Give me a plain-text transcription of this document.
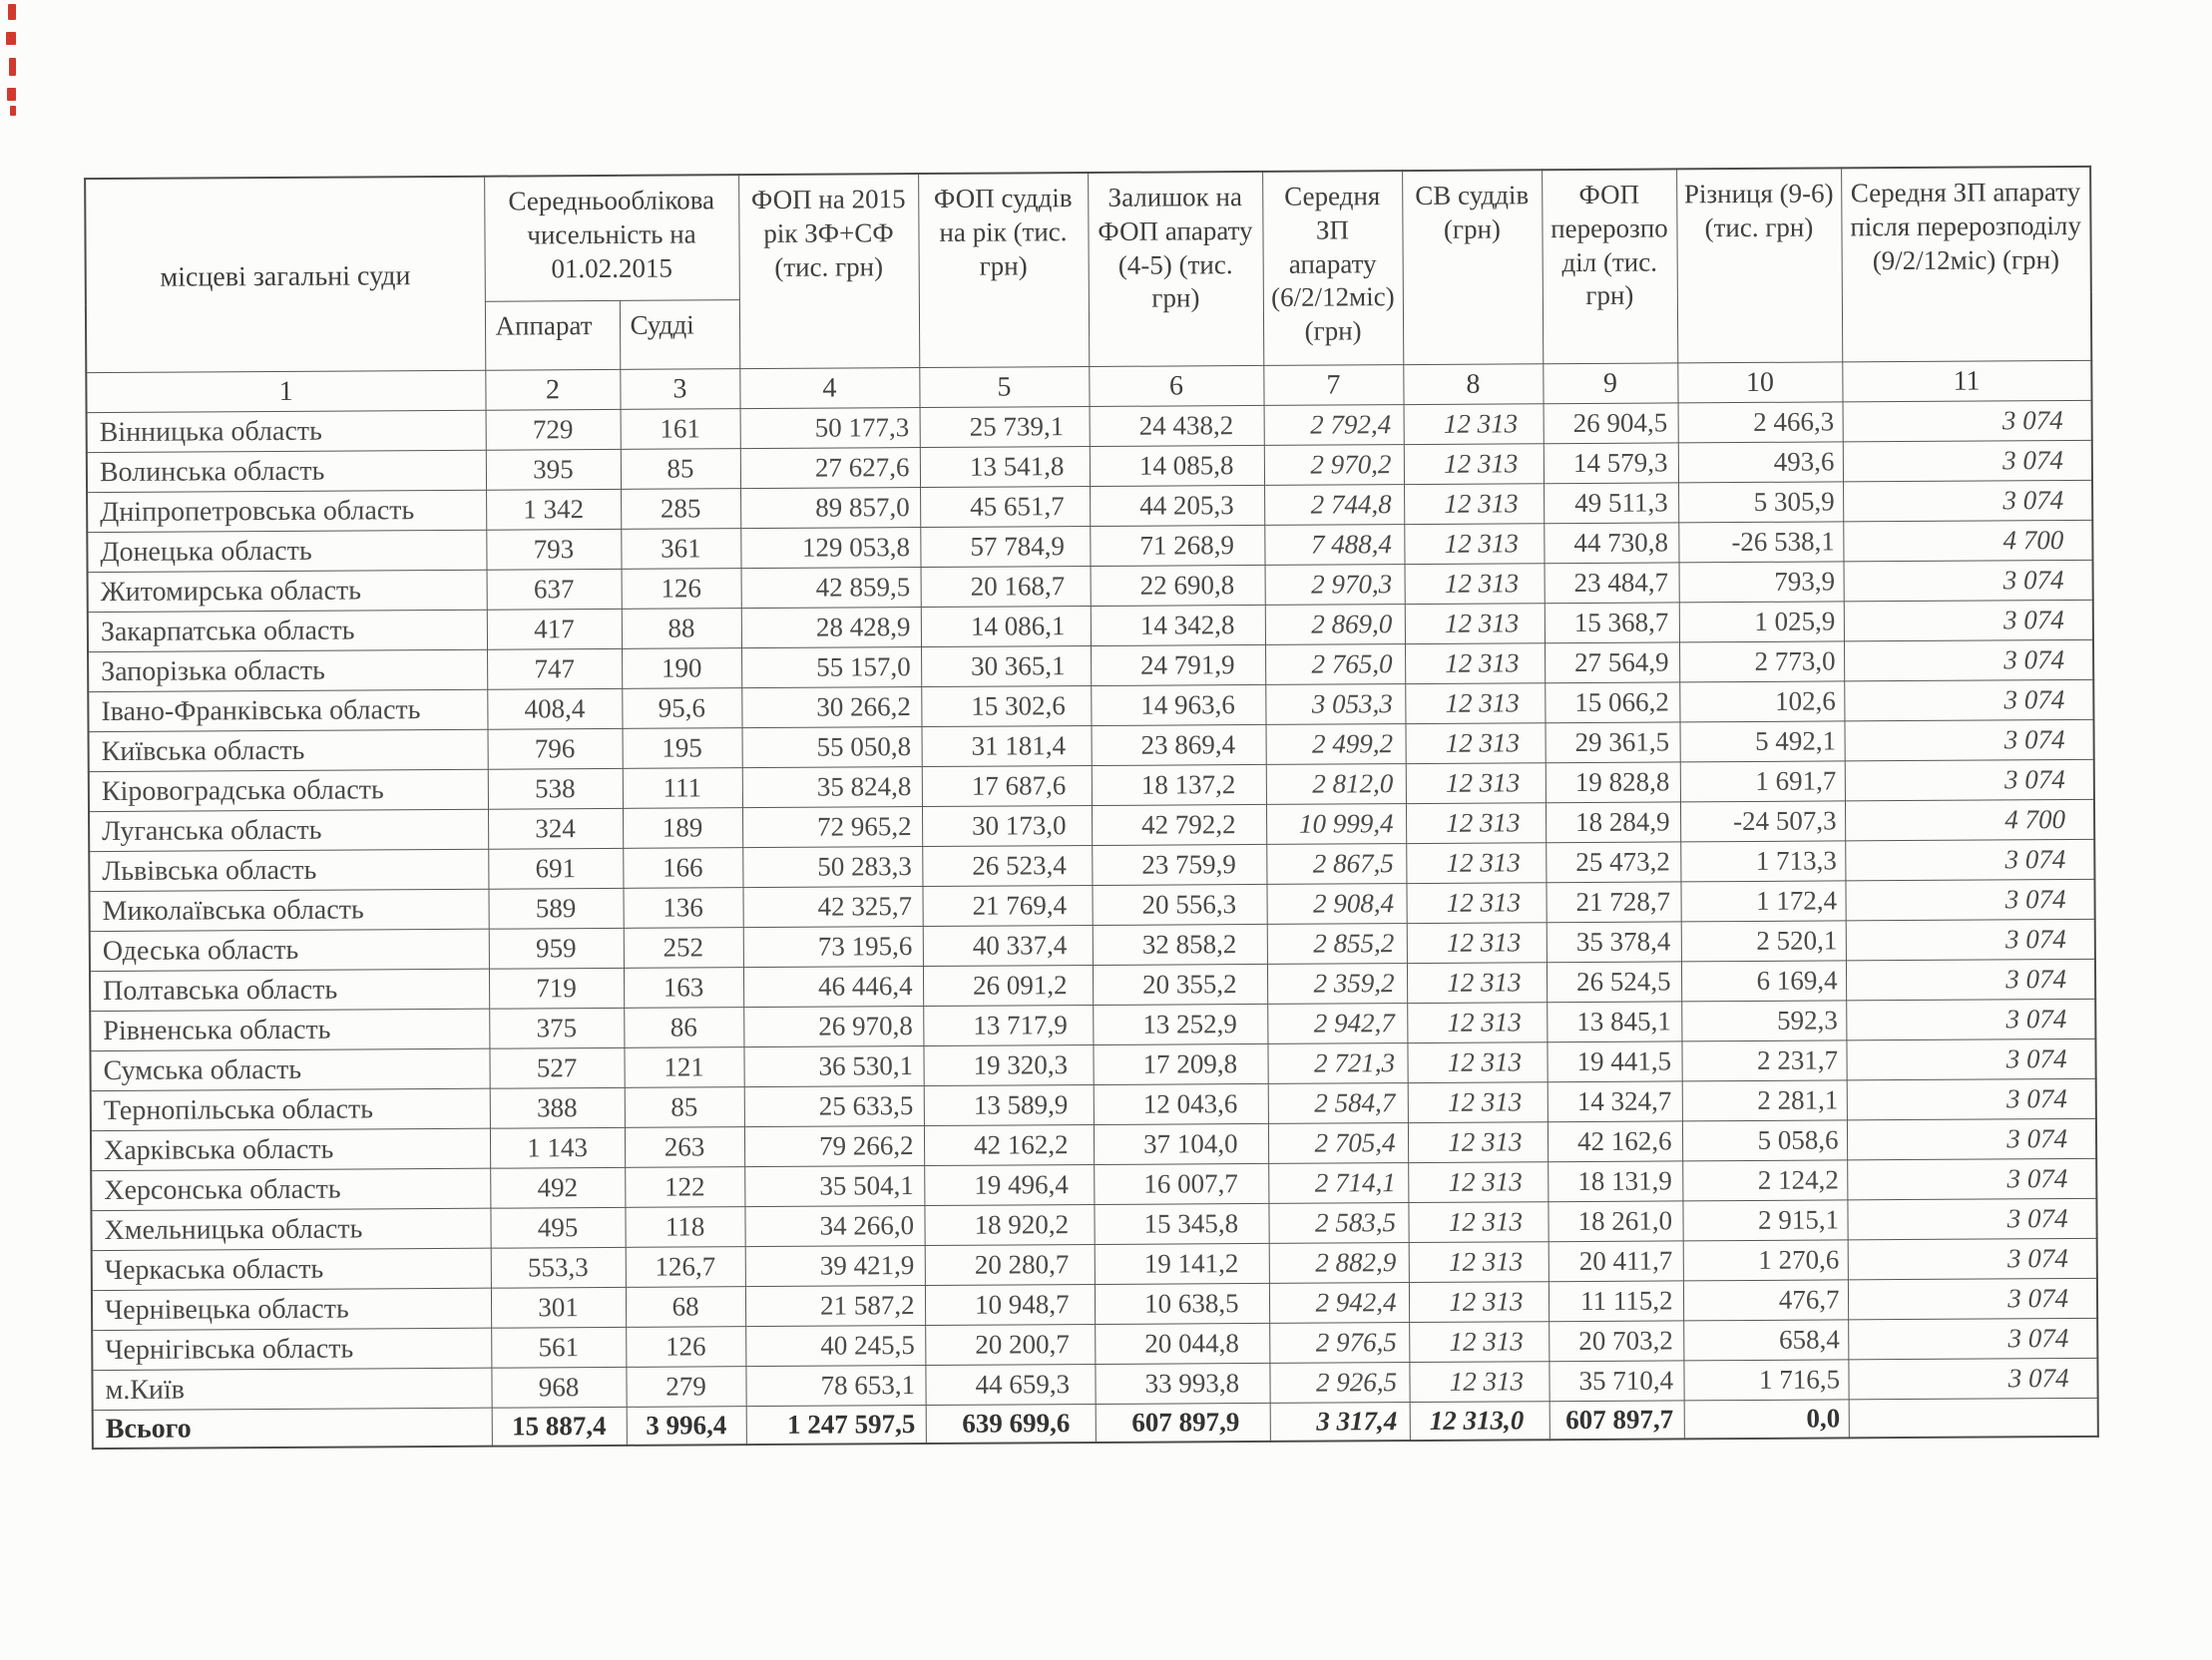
місцеві загальні суди	Середньооблікова чисельність на 01.02.2015		ФОП на 2015 рік ЗФ+СФ (тис. грн)	ФОП суддів на рік (тис. грн)	Залишок на ФОП апарату (4-5) (тис. грн)	Середня ЗП апарату (6/2/12міс) (грн)	СВ суддів (грн)	ФОП перерозподіл (тис. грн)	Різниця (9-6) (тис. грн)	Середня ЗП апарату після перерозподілу (9/2/12міс) (грн)
	Аппарат	Судді								
1	2	3	4	5	6	7	8	9	10	11
Вінницька область	729	161	50 177,3	25 739,1	24 438,2	2 792,4	12 313	26 904,5	2 466,3	3 074
Волинська область	395	85	27 627,6	13 541,8	14 085,8	2 970,2	12 313	14 579,3	493,6	3 074
Дніпропетровська область	1 342	285	89 857,0	45 651,7	44 205,3	2 744,8	12 313	49 511,3	5 305,9	3 074
Донецька область	793	361	129 053,8	57 784,9	71 268,9	7 488,4	12 313	44 730,8	-26 538,1	4 700
Житомирська область	637	126	42 859,5	20 168,7	22 690,8	2 970,3	12 313	23 484,7	793,9	3 074
Закарпатська область	417	88	28 428,9	14 086,1	14 342,8	2 869,0	12 313	15 368,7	1 025,9	3 074
Запорізька область	747	190	55 157,0	30 365,1	24 791,9	2 765,0	12 313	27 564,9	2 773,0	3 074
Івано-Франківська область	408,4	95,6	30 266,2	15 302,6	14 963,6	3 053,3	12 313	15 066,2	102,6	3 074
Київська область	796	195	55 050,8	31 181,4	23 869,4	2 499,2	12 313	29 361,5	5 492,1	3 074
Кіровоградська область	538	111	35 824,8	17 687,6	18 137,2	2 812,0	12 313	19 828,8	1 691,7	3 074
Луганська область	324	189	72 965,2	30 173,0	42 792,2	10 999,4	12 313	18 284,9	-24 507,3	4 700
Львівська область	691	166	50 283,3	26 523,4	23 759,9	2 867,5	12 313	25 473,2	1 713,3	3 074
Миколаївська область	589	136	42 325,7	21 769,4	20 556,3	2 908,4	12 313	21 728,7	1 172,4	3 074
Одеська область	959	252	73 195,6	40 337,4	32 858,2	2 855,2	12 313	35 378,4	2 520,1	3 074
Полтавська область	719	163	46 446,4	26 091,2	20 355,2	2 359,2	12 313	26 524,5	6 169,4	3 074
Рівненська область	375	86	26 970,8	13 717,9	13 252,9	2 942,7	12 313	13 845,1	592,3	3 074
Сумська область	527	121	36 530,1	19 320,3	17 209,8	2 721,3	12 313	19 441,5	2 231,7	3 074
Тернопільська область	388	85	25 633,5	13 589,9	12 043,6	2 584,7	12 313	14 324,7	2 281,1	3 074
Харківська область	1 143	263	79 266,2	42 162,2	37 104,0	2 705,4	12 313	42 162,6	5 058,6	3 074
Херсонська область	492	122	35 504,1	19 496,4	16 007,7	2 714,1	12 313	18 131,9	2 124,2	3 074
Хмельницька область	495	118	34 266,0	18 920,2	15 345,8	2 583,5	12 313	18 261,0	2 915,1	3 074
Черкаська область	553,3	126,7	39 421,9	20 280,7	19 141,2	2 882,9	12 313	20 411,7	1 270,6	3 074
Чернівецька область	301	68	21 587,2	10 948,7	10 638,5	2 942,4	12 313	11 115,2	476,7	3 074
Чернігівська область	561	126	40 245,5	20 200,7	20 044,8	2 976,5	12 313	20 703,2	658,4	3 074
м.Київ	968	279	78 653,1	44 659,3	33 993,8	2 926,5	12 313	35 710,4	1 716,5	3 074
Всього	15 887,4	3 996,4	1 247 597,5	639 699,6	607 897,9	3 317,4	12 313,0	607 897,7	0,0	
